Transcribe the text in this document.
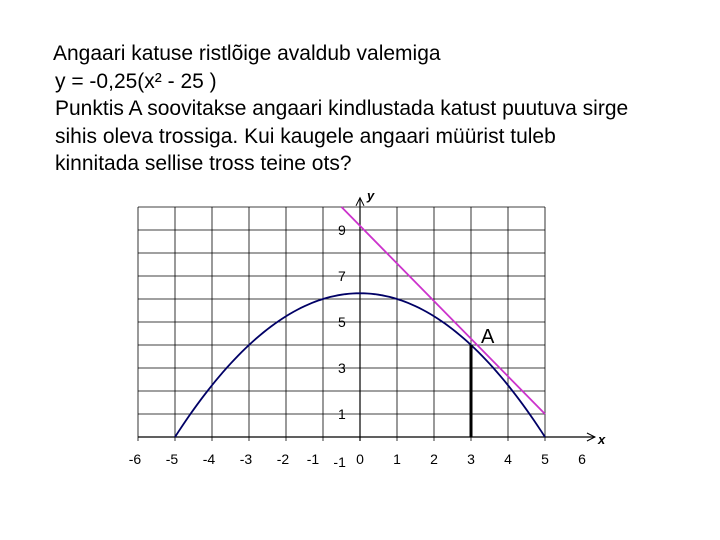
Angaari katuse ristlõige avaldub valemiga
y = -0,25(x² - 25 )
Punktis A soovitakse angaari kindlustada katust puutuva sirge
sihis oleva trossiga. Kui kaugele angaari müürist tuleb
kinnitada sellise tross teine ots?
x
y
-6 -5 -4 -3 -2	0 1 2 3 4 5 6
-1 -1
1
3
5
7
9
A
